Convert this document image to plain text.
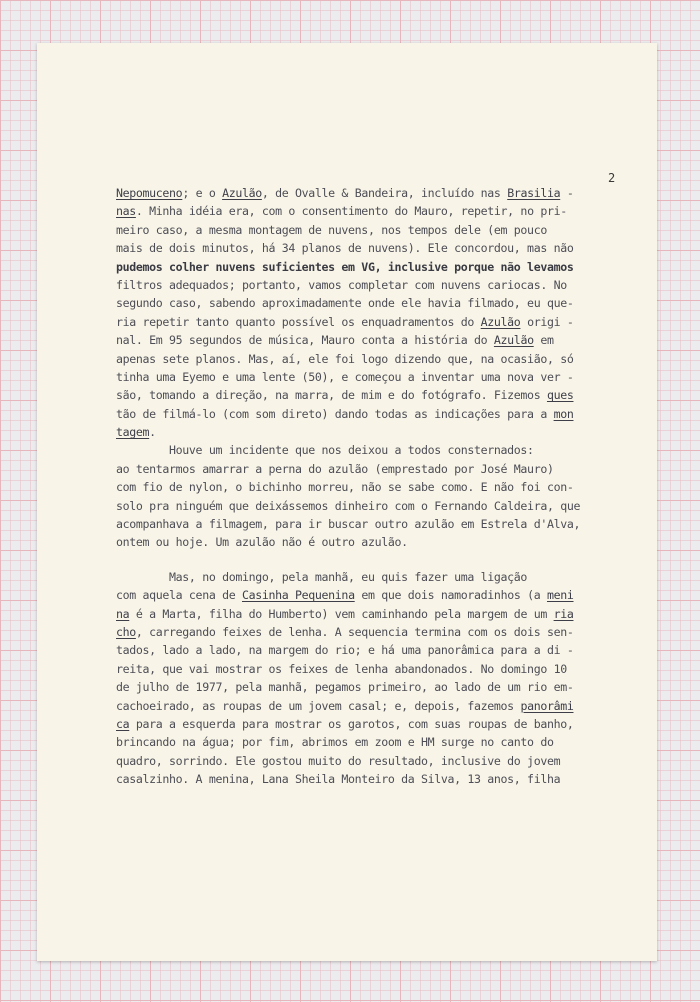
2
Nepomuceno; e o Azulão, de Ovalle & Bandeira, incluído nas Brasilia -
nas. Minha idéia era, com o consentimento do Mauro, repetir, no pri-
meiro caso, a mesma montagem de nuvens, nos tempos dele (em pouco
mais de dois minutos, há 34 planos de nuvens). Ele concordou, mas não
pudemos colher nuvens suficientes em VG, inclusive porque não levamos
filtros adequados; portanto, vamos completar com nuvens cariocas. No
segundo caso, sabendo aproximadamente onde ele havia filmado, eu que-
ria repetir tanto quanto possível os enquadramentos do Azulão origi -
nal. Em 95 segundos de música, Mauro conta a história do Azulão em
apenas sete planos. Mas, aí, ele foi logo dizendo que, na ocasião, só
tinha uma Eyemo e uma lente (50), e começou a inventar uma nova ver -
são, tomando a direção, na marra, de mim e do fotógrafo. Fizemos ques
tão de filmá-lo (com som direto) dando todas as indicações para a mon
tagem.
Houve um incidente que nos deixou a todos consternados:
ao tentarmos amarrar a perna do azulão (emprestado por José Mauro)
com fio de nylon, o bichinho morreu, não se sabe como. E não foi con-
solo pra ninguém que deixássemos dinheiro com o Fernando Caldeira, que
acompanhava a filmagem, para ir buscar outro azulão em Estrela d'Alva,
ontem ou hoje. Um azulão não é outro azulão.
Mas, no domingo, pela manhã, eu quis fazer uma ligação
com aquela cena de Casinha Pequenina em que dois namoradinhos (a meni
na é a Marta, filha do Humberto) vem caminhando pela margem de um ria
cho, carregando feixes de lenha. A sequencia termina com os dois sen-
tados, lado a lado, na margem do rio; e há uma panorâmica para a di -
reita, que vai mostrar os feixes de lenha abandonados. No domingo 10
de julho de 1977, pela manhã, pegamos primeiro, ao lado de um rio em-
cachoeirado, as roupas de um jovem casal; e, depois, fazemos panorâmi
ca para a esquerda para mostrar os garotos, com suas roupas de banho,
brincando na água; por fim, abrimos em zoom e HM surge no canto do
quadro, sorrindo. Ele gostou muito do resultado, inclusive do jovem
casalzinho. A menina, Lana Sheila Monteiro da Silva, 13 anos, filha
